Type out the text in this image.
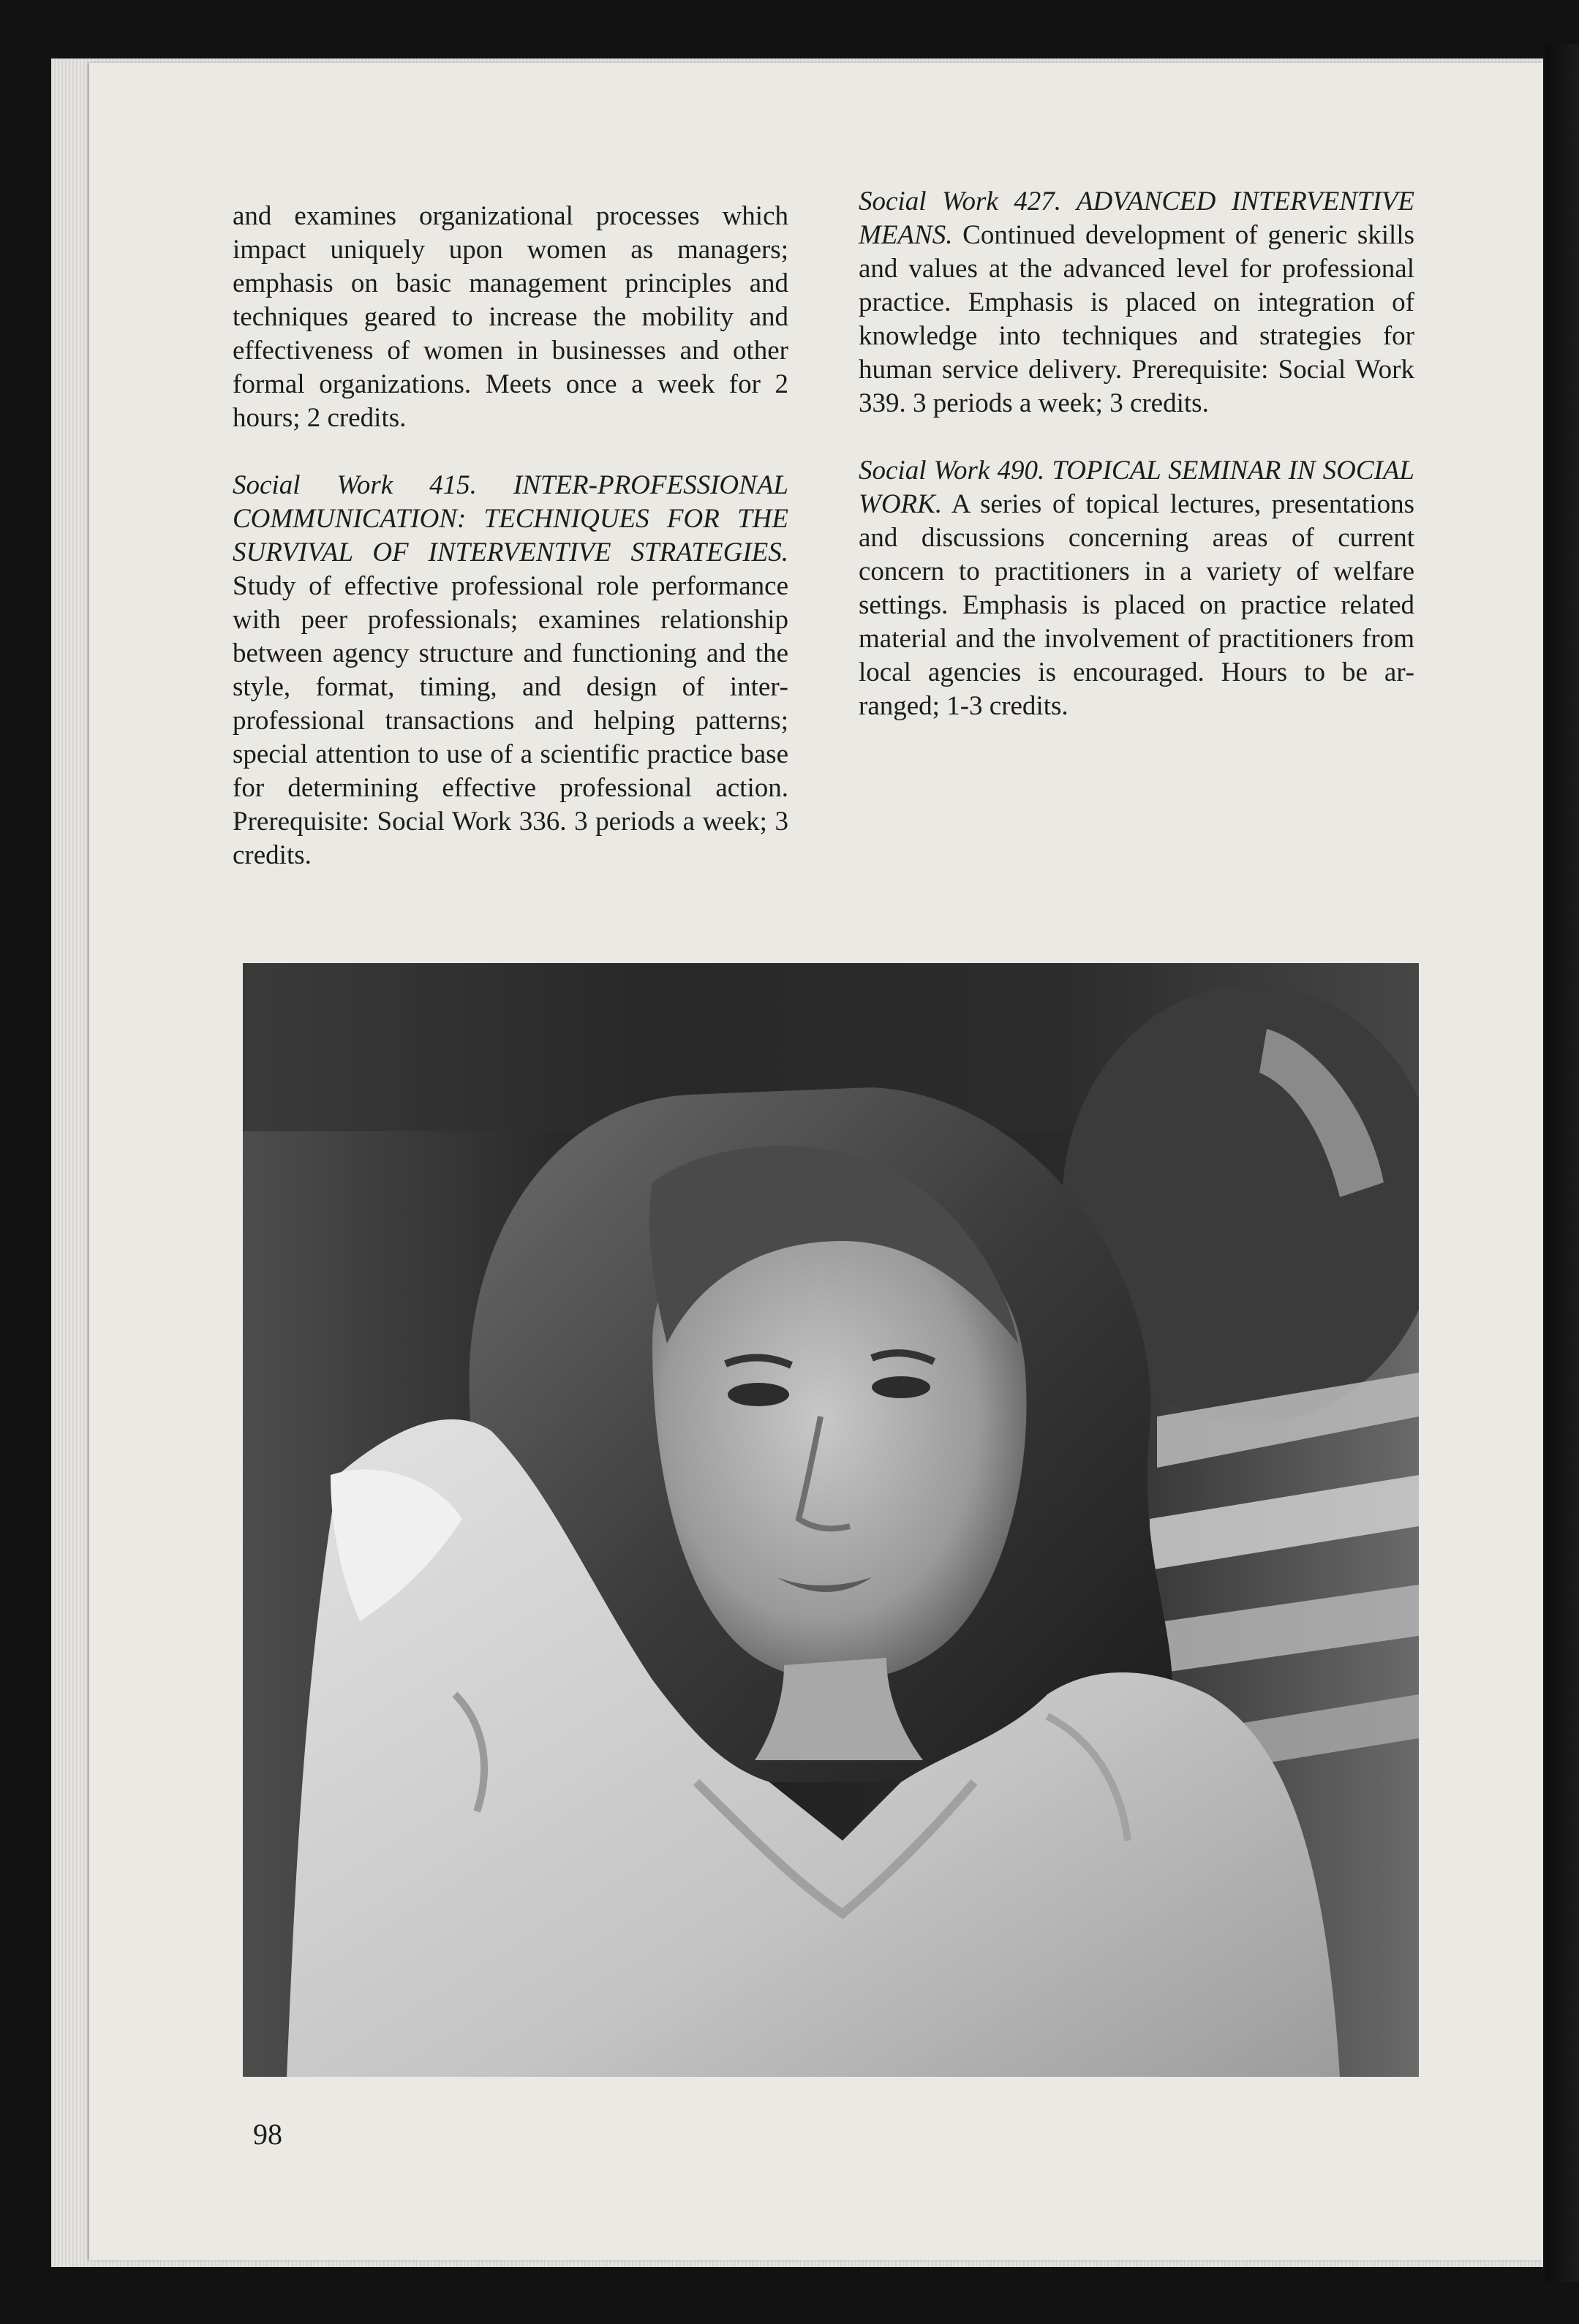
and examines organizational processes which impact uniquely upon women as managers; emphasis on basic management principles and techniques geared to increase the mobility and effectiveness of women in businesses and other formal organizations. Meets once a week for 2 hours; 2 credits.

Social Work 415. INTER-PROFESSIONAL COMMUNICATION: TECHNIQUES FOR THE SURVIVAL OF INTERVENTIVE STRATEGIES. Study of effective professional role performance with peer professionals; examines relationship between agency structure and functioning and the style, format, timing, and design of interprofessional transactions and helping patterns; special attention to use of a scientific practice base for determining effective professional action. Prerequisite: Social Work 336. 3 periods a week; 3 credits.

Social Work 427. ADVANCED INTERVENTIVE MEANS. Continued development of generic skills and values at the advanced level for professional practice. Emphasis is placed on integration of knowledge into techniques and strategies for human service delivery. Prerequisite: Social Work 339. 3 periods a week; 3 credits.

Social Work 490. TOPICAL SEMINAR IN SOCIAL WORK. A series of topical lectures, presentations and discussions concerning areas of current concern to practitioners in a variety of welfare settings. Emphasis is placed on practice related material and the involvement of practitioners from local agencies is encouraged. Hours to be arranged; 1-3 credits.

98
